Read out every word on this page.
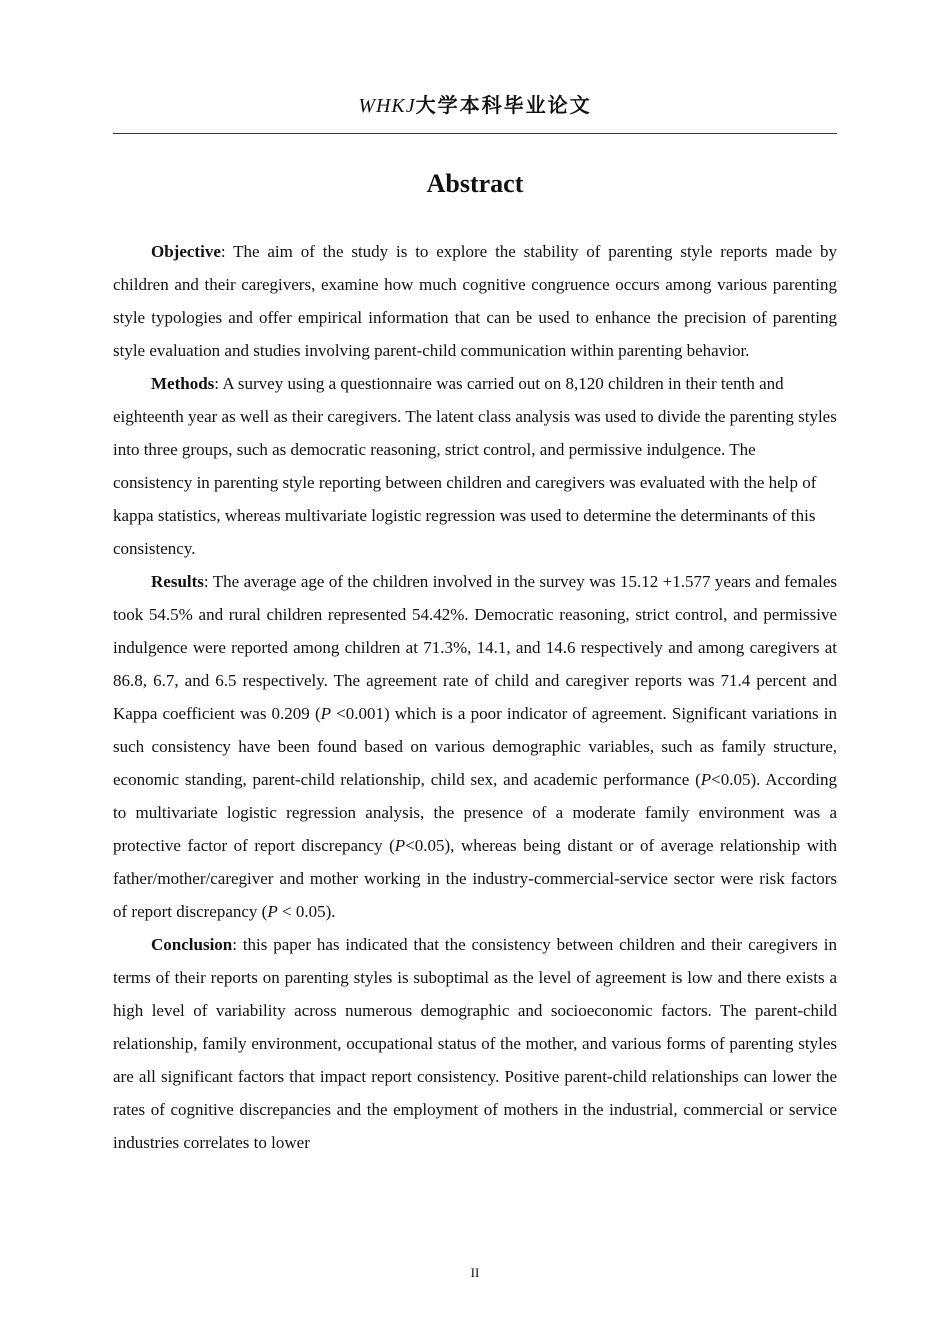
WHKJ大学本科毕业论文
Abstract

Objective: The aim of the study is to explore the stability of parenting style reports made by children and their caregivers, examine how much cognitive congruence occurs among various parenting style typologies and offer empirical information that can be used to enhance the precision of parenting style evaluation and studies involving parent-child communication within parenting behavior.

Methods: A survey using a questionnaire was carried out on 8,120 children in their tenth and eighteenth year as well as their caregivers. The latent class analysis was used to divide the parenting styles into three groups, such as democratic reasoning, strict control, and permissive indulgence. The consistency in parenting style reporting between children and caregivers was evaluated with the help of kappa statistics, whereas multivariate logistic regression was used to determine the determinants of this consistency.

Results: The average age of the children involved in the survey was 15.12 +1.577 years and females took 54.5% and rural children represented 54.42%. Democratic reasoning, strict control, and permissive indulgence were reported among children at 71.3%, 14.1, and 14.6 respectively and among caregivers at 86.8, 6.7, and 6.5 respectively. The agreement rate of child and caregiver reports was 71.4 percent and Kappa coefficient was 0.209 (P <0.001) which is a poor indicator of agreement. Significant variations in such consistency have been found based on various demographic variables, such as family structure, economic standing, parent-child relationship, child sex, and academic performance (P<0.05). According to multivariate logistic regression analysis, the presence of a moderate family environment was a protective factor of report discrepancy (P<0.05), whereas being distant or of average relationship with father/mother/caregiver and mother working in the industry-commercial-service sector were risk factors of report discrepancy (P < 0.05).

Conclusion: this paper has indicated that the consistency between children and their caregivers in terms of their reports on parenting styles is suboptimal as the level of agreement is low and there exists a high level of variability across numerous demographic and socioeconomic factors. The parent-child relationship, family environment, occupational status of the mother, and various forms of parenting styles are all significant factors that impact report consistency. Positive parent-child relationships can lower the rates of cognitive discrepancies and the employment of mothers in the industrial, commercial or service industries correlates to lower

II
